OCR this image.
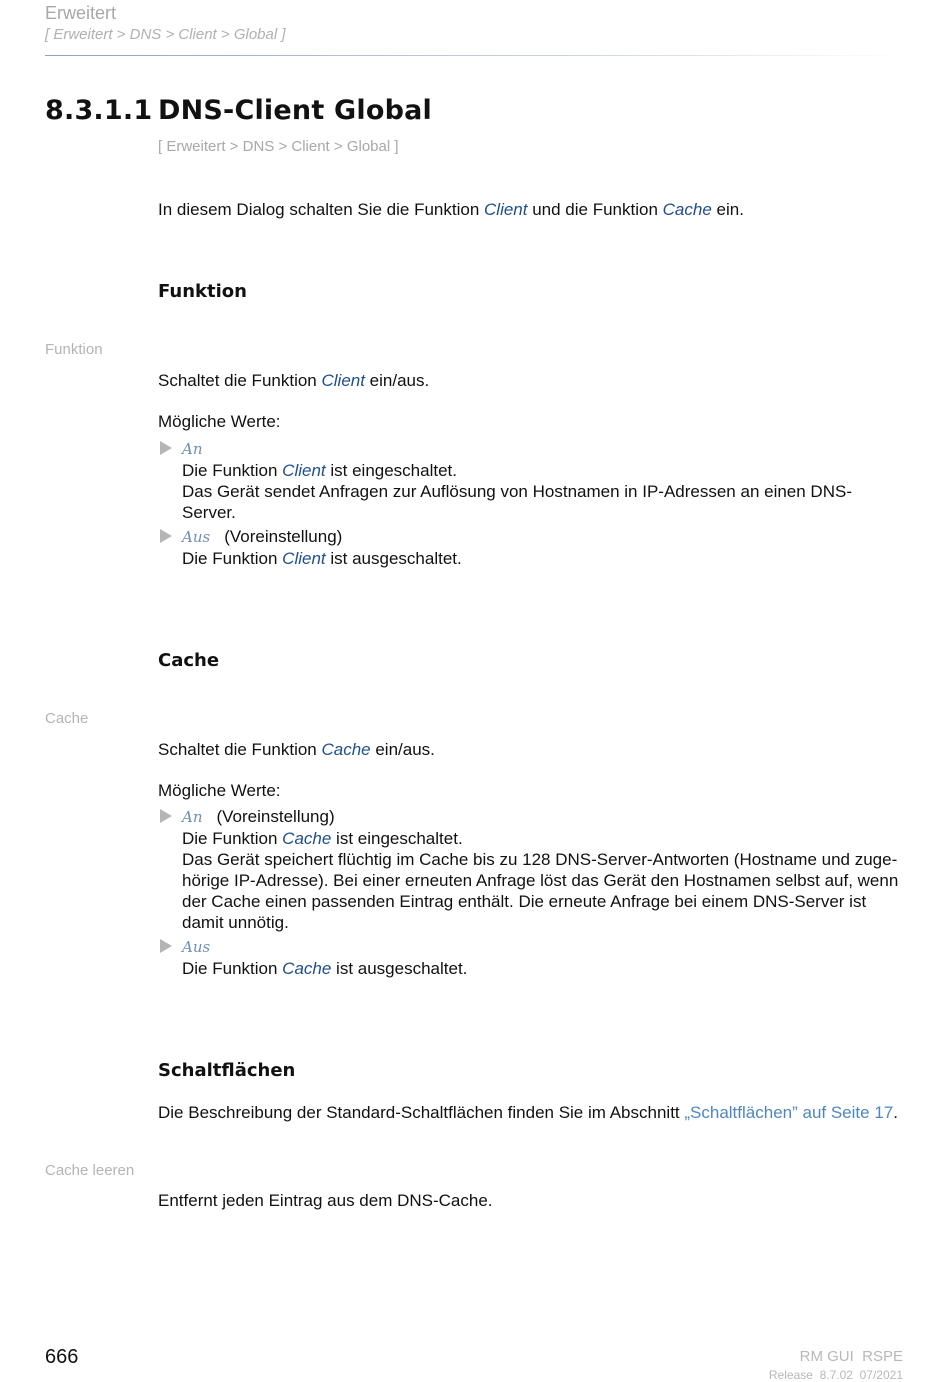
Erweitert
[ Erweitert > DNS > Client > Global ]
8.3.1.1 DNS-Client Global
[ Erweitert > DNS > Client > Global ]
In diesem Dialog schalten Sie die Funktion Client und die Funktion Cache ein.
Funktion
Funktion
Schaltet die Funktion Client ein/aus.
Mögliche Werte:
An
Die Funktion Client ist eingeschaltet.
Das Gerät sendet Anfragen zur Auflösung von Hostnamen in IP-Adressen an einen DNS-Server.
Aus (Voreinstellung)
Die Funktion Client ist ausgeschaltet.
Cache
Cache
Schaltet die Funktion Cache ein/aus.
Mögliche Werte:
An (Voreinstellung)
Die Funktion Cache ist eingeschaltet.
Das Gerät speichert flüchtig im Cache bis zu 128 DNS-Server-Antworten (Hostname und zuge-
hörige IP-Adresse). Bei einer erneuten Anfrage löst das Gerät den Hostnamen selbst auf, wenn
der Cache einen passenden Eintrag enthält. Die erneute Anfrage bei einem DNS-Server ist
damit unnötig.
Aus
Die Funktion Cache ist ausgeschaltet.
Schaltflächen
Die Beschreibung der Standard-Schaltflächen finden Sie im Abschnitt „Schaltflächen” auf Seite 17.
Cache leeren
Entfernt jeden Eintrag aus dem DNS-Cache.
666	RM GUI  RSPE
Release  8.7.02  07/2021
